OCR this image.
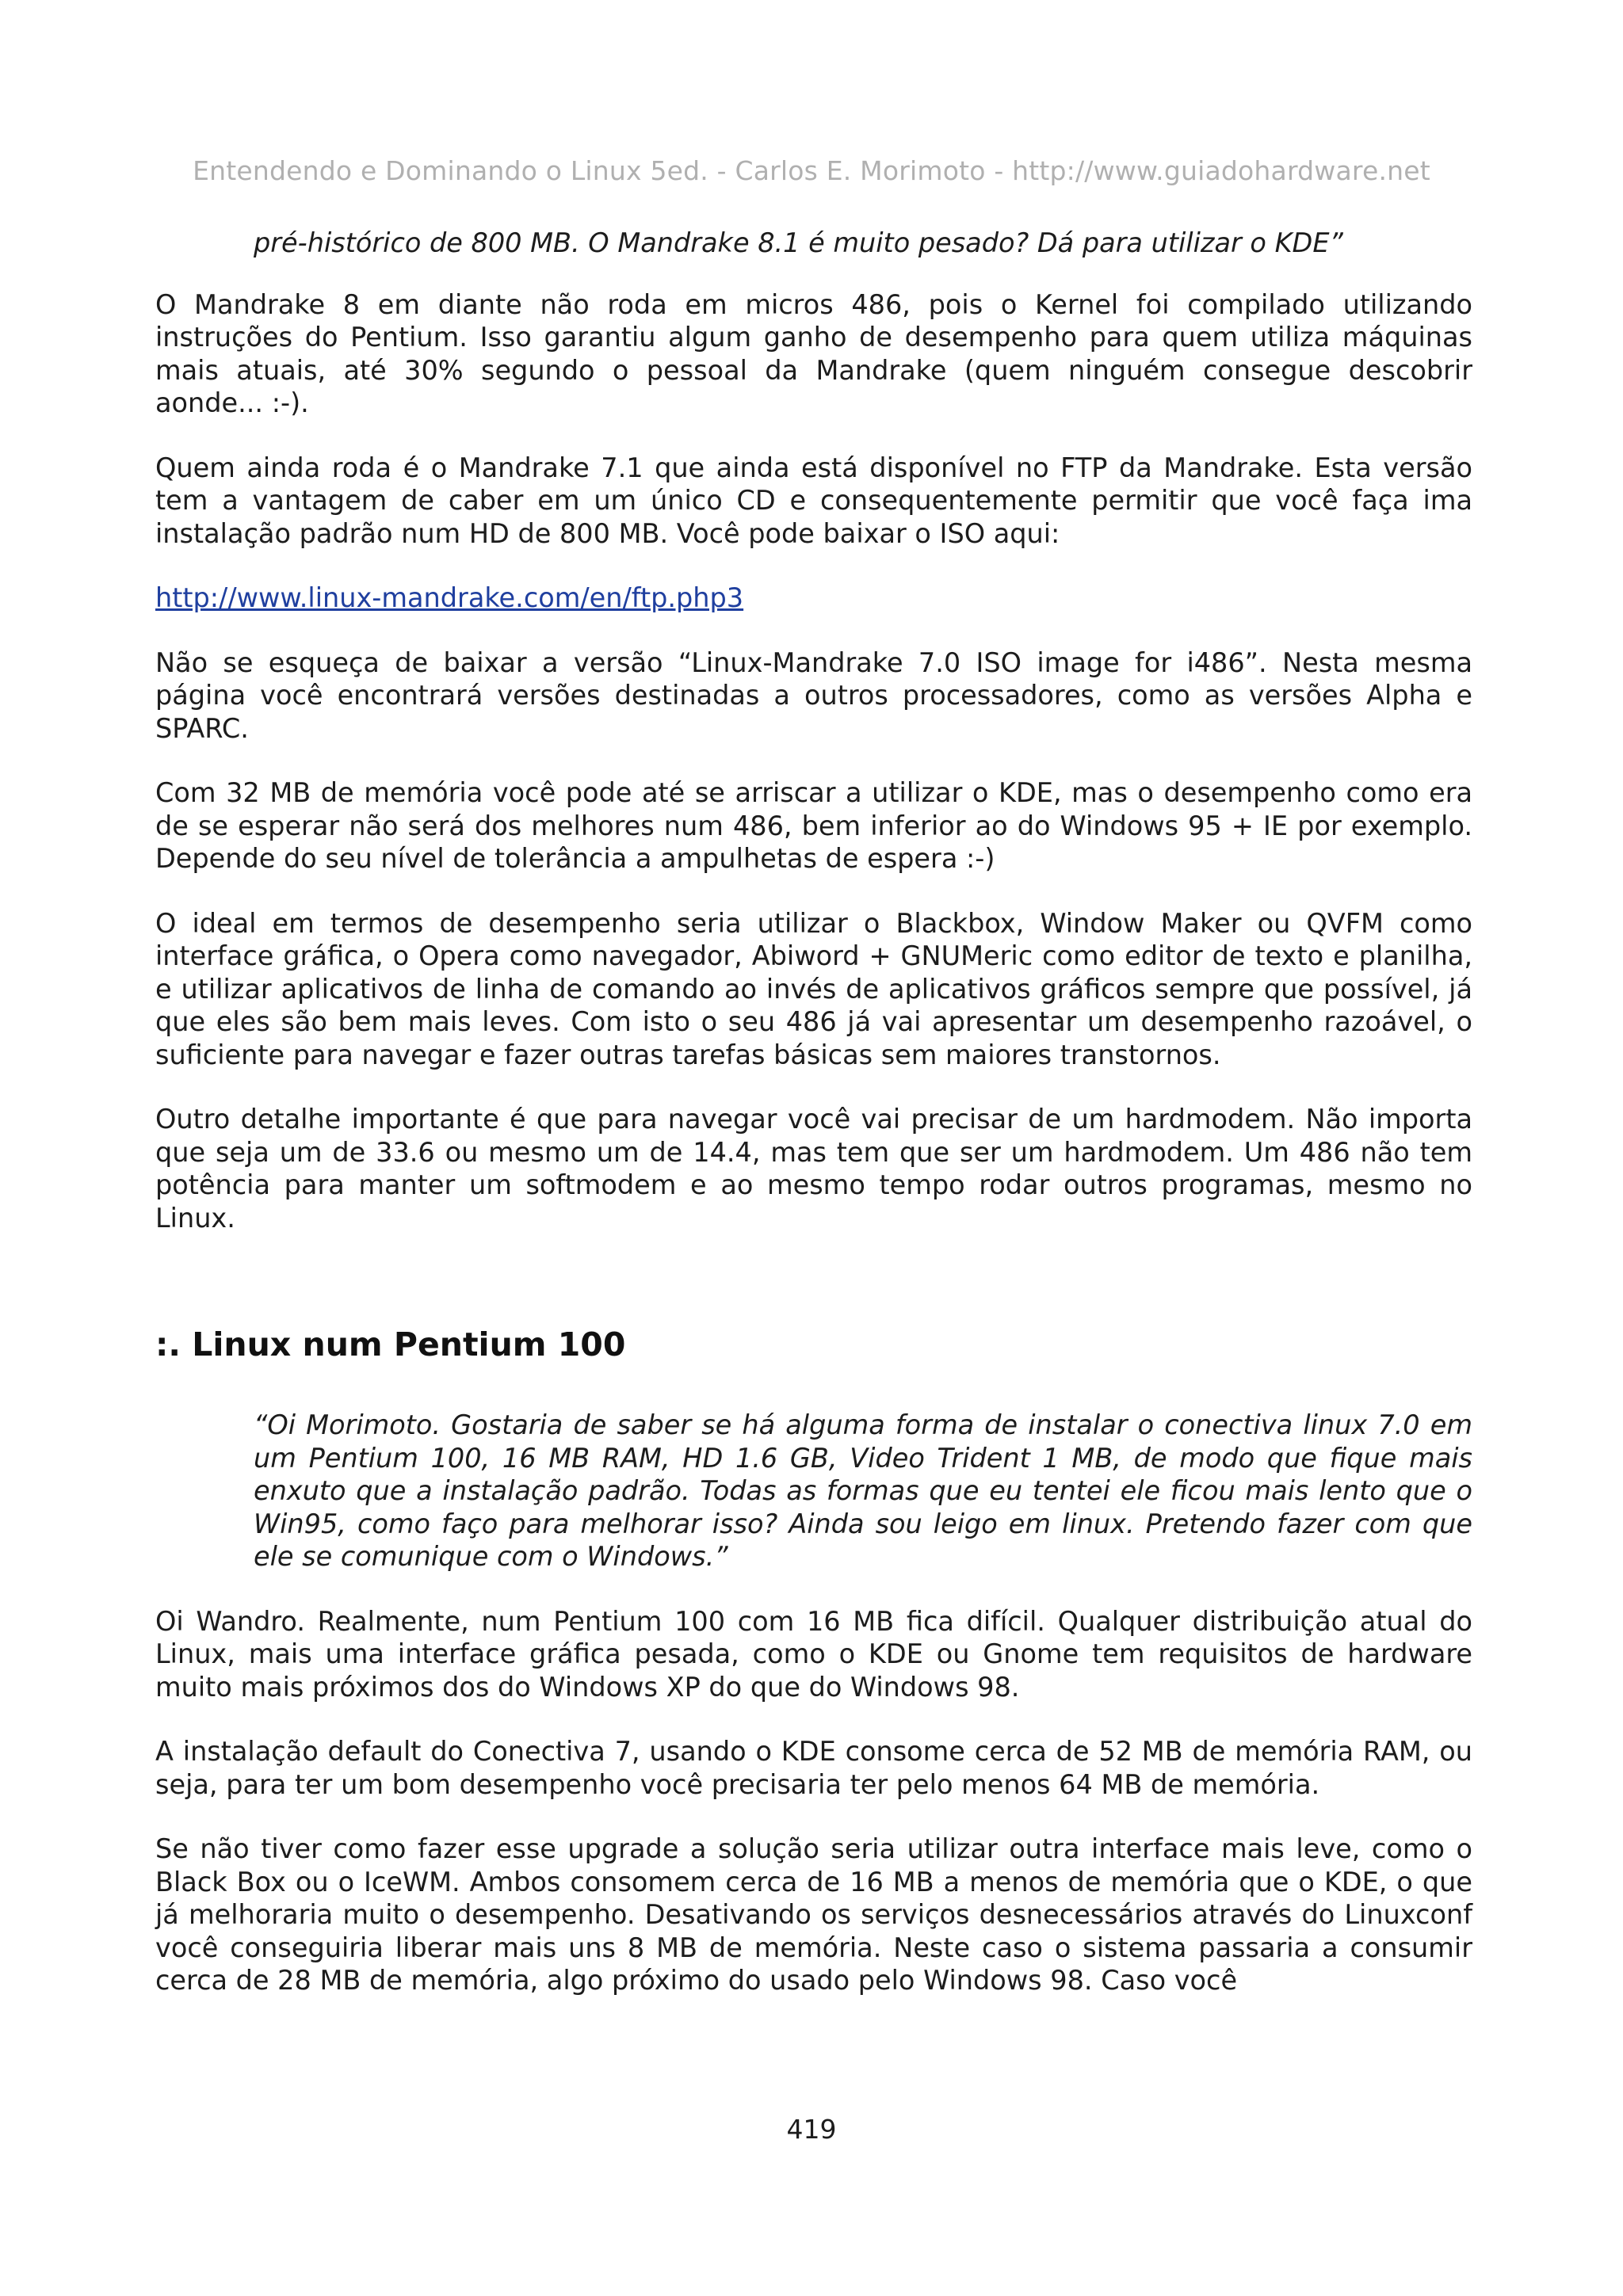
Entendendo e Dominando o Linux 5ed. - Carlos E. Morimoto - http://www.guiadohardware.net

pré-histórico de 800 MB. O Mandrake 8.1 é muito pesado? Dá para utilizar o KDE”

O Mandrake 8 em diante não roda em micros 486, pois o Kernel foi compilado utilizando instruções do Pentium. Isso garantiu algum ganho de desempenho para quem utiliza máquinas mais atuais, até 30% segundo o pessoal da Mandrake (quem ninguém consegue descobrir aonde... :-).

Quem ainda roda é o Mandrake 7.1 que ainda está disponível no FTP da Mandrake. Esta versão tem a vantagem de caber em um único CD e consequentemente permitir que você faça ima instalação padrão num HD de 800 MB. Você pode baixar o ISO aqui:

http://www.linux-mandrake.com/en/ftp.php3

Não se esqueça de baixar a versão “Linux-Mandrake 7.0 ISO image for i486”. Nesta mesma página você encontrará versões destinadas a outros processadores, como as versões Alpha e SPARC.

Com 32 MB de memória você pode até se arriscar a utilizar o KDE, mas o desempenho como era de se esperar não será dos melhores num 486, bem inferior ao do Windows 95 + IE por exemplo. Depende do seu nível de tolerância a ampulhetas de espera :-)

O ideal em termos de desempenho seria utilizar o Blackbox, Window Maker ou QVFM como interface gráfica, o Opera como navegador, Abiword + GNUMeric como editor de texto e planilha, e utilizar aplicativos de linha de comando ao invés de aplicativos gráficos sempre que possível, já que eles são bem mais leves. Com isto o seu 486 já vai apresentar um desempenho razoável, o suficiente para navegar e fazer outras tarefas básicas sem maiores transtornos.

Outro detalhe importante é que para navegar você vai precisar de um hardmodem. Não importa que seja um de 33.6 ou mesmo um de 14.4, mas tem que ser um hardmodem. Um 486 não tem potência para manter um softmodem e ao mesmo tempo rodar outros programas, mesmo no Linux.

:. Linux num Pentium 100

“Oi Morimoto. Gostaria de saber se há alguma forma de instalar o conectiva linux 7.0 em um Pentium 100, 16 MB RAM, HD 1.6 GB, Video Trident 1 MB, de modo que fique mais enxuto que a instalação padrão. Todas as formas que eu tentei ele ficou mais lento que o Win95, como faço para melhorar isso? Ainda sou leigo em linux. Pretendo fazer com que ele se comunique com o Windows.”

Oi Wandro. Realmente, num Pentium 100 com 16 MB fica difícil. Qualquer distribuição atual do Linux, mais uma interface gráfica pesada, como o KDE ou Gnome tem requisitos de hardware muito mais próximos dos do Windows XP do que do Windows 98.

A instalação default do Conectiva 7, usando o KDE consome cerca de 52 MB de memória RAM, ou seja, para ter um bom desempenho você precisaria ter pelo menos 64 MB de memória.

Se não tiver como fazer esse upgrade a solução seria utilizar outra interface mais leve, como o Black Box ou o IceWM. Ambos consomem cerca de 16 MB a menos de memória que o KDE, o que já melhoraria muito o desempenho. Desativando os serviços desnecessários através do Linuxconf você conseguiria liberar mais uns 8 MB de memória. Neste caso o sistema passaria a consumir cerca de 28 MB de memória, algo próximo do usado pelo Windows 98. Caso você

419
